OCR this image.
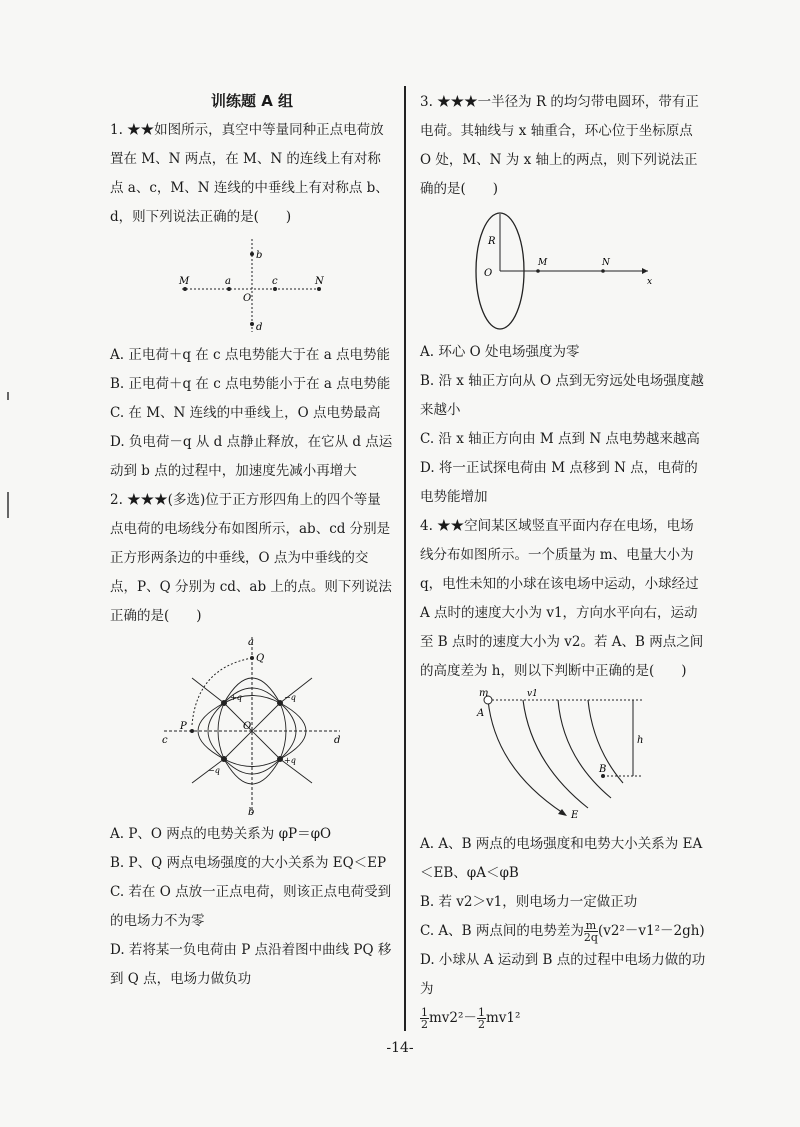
训练题 A 组

1. ★★如图所示，真空中等量同种正点电荷放置在 M、N 两点，在 M、N 的连线上有对称点 a、c，M、N 连线的中垂线上有对称点 b、d，则下列说法正确的是(　　)

M	a
O
c	N
b
d

A. 正电荷＋q 在 c 点电势能大于在 a 点电势能

B. 正电荷＋q 在 c 点电势能小于在 a 点电势能

C. 在 M、N 连线的中垂线上，O 点电势最高

D. 负电荷－q 从 d 点静止释放，在它从 d 点运动到 b 点的过程中，加速度先减小再增大

2. ★★★(多选)位于正方形四角上的四个等量点电荷的电场线分布如图所示，ab、cd 分别是正方形两条边的中垂线，O 点为中垂线的交点，P、Q 分别为 cd、ab 上的点。则下列说法正确的是(　　)

a
Q
P	O
c	d
b
+q	−q
−q
+q

A. P、O 两点的电势关系为 φP＝φO

B. P、Q 两点电场强度的大小关系为 EQ＜EP

C. 若在 O 点放一正点电荷，则该正点电荷受到的电场力不为零

D. 若将某一负电荷由 P 点沿着图中曲线 PQ 移到 Q 点，电场力做负功

3. ★★★一半径为 R 的均匀带电圆环，带有正电荷。其轴线与 x 轴重合，环心位于坐标原点 O 处，M、N 为 x 轴上的两点，则下列说法正确的是(　　)

R
O
M	N
x

A. 环心 O 处电场强度为零

B. 沿 x 轴正方向从 O 点到无穷远处电场强度越来越小

C. 沿 x 轴正方向由 M 点到 N 点电势越来越高

D. 将一正试探电荷由 M 点移到 N 点，电荷的电势能增加

4. ★★空间某区域竖直平面内存在电场，电场线分布如图所示。一个质量为 m、电量大小为 q，电性未知的小球在该电场中运动，小球经过 A 点时的速度大小为 v1，方向水平向右，运动至 B 点时的速度大小为 v2。若 A、B 两点之间的高度差为 h，则以下判断中正确的是(　　)

m	v1
A
h
B
E

A. A、B 两点的电场强度和电势大小关系为 EA＜EB、φA＜φB

B. 若 v2＞v1，则电场力一定做正功

C. A、B 两点间的电势差为 $\frac{m}{2q} (v2^2-v1^2-2gh)$

D. 小球从 A 运动到 B 点的过程中电场力做的功为

$\frac{1}{2} mv2^2- \frac{1}{2} mv1^2$

-14-
